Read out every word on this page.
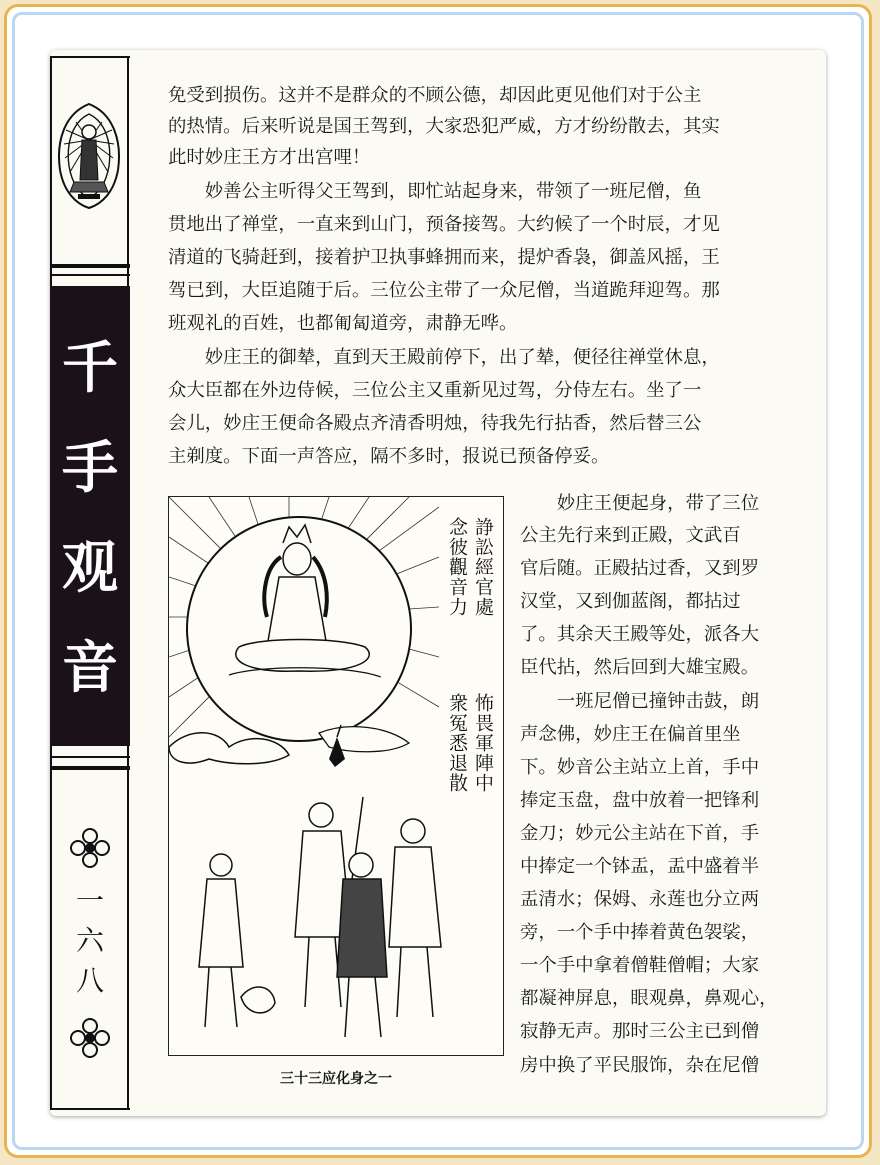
千
手
观
音
一
六
八
免受到损伤。这并不是群众的不顾公德，却因此更见他们对于公主
的热情。后来听说是国王驾到，大家恐犯严威，方才纷纷散去，其实
此时妙庄王方才出宫哩！
　　妙善公主听得父王驾到，即忙站起身来，带领了一班尼僧，鱼
贯地出了禅堂，一直来到山门，预备接驾。大约候了一个时辰，才见
清道的飞骑赶到，接着护卫执事蜂拥而来，提炉香袅，御盖风摇，王
驾已到，大臣追随于后。三位公主带了一众尼僧，当道跪拜迎驾。那
班观礼的百姓，也都匍匐道旁，肃静无哗。
　　妙庄王的御辇，直到天王殿前停下，出了辇，便径往禅堂休息，
众大臣都在外边侍候，三位公主又重新见过驾，分侍左右。坐了一
会儿，妙庄王便命各殿点齐清香明烛，待我先行拈香，然后替三公
主剃度。下面一声答应，隔不多时，报说已预备停妥。
諍訟經官處
念彼觀音力
怖畏軍陣中
衆冤悉退散
三十三应化身之一
　　妙庄王便起身，带了三位
公主先行来到正殿，文武百
官后随。正殿拈过香，又到罗
汉堂，又到伽蓝阁，都拈过
了。其余天王殿等处，派各大
臣代拈，然后回到大雄宝殿。
　　一班尼僧已撞钟击鼓，朗
声念佛，妙庄王在偏首里坐
下。妙音公主站立上首，手中
捧定玉盘，盘中放着一把锋利
金刀；妙元公主站在下首，手
中捧定一个钵盂，盂中盛着半
盂清水；保姆、永莲也分立两
旁，一个手中捧着黄色袈裟，
一个手中拿着僧鞋僧帽；大家
都凝神屏息，眼观鼻，鼻观心，
寂静无声。那时三公主已到僧
房中换了平民服饰，杂在尼僧
